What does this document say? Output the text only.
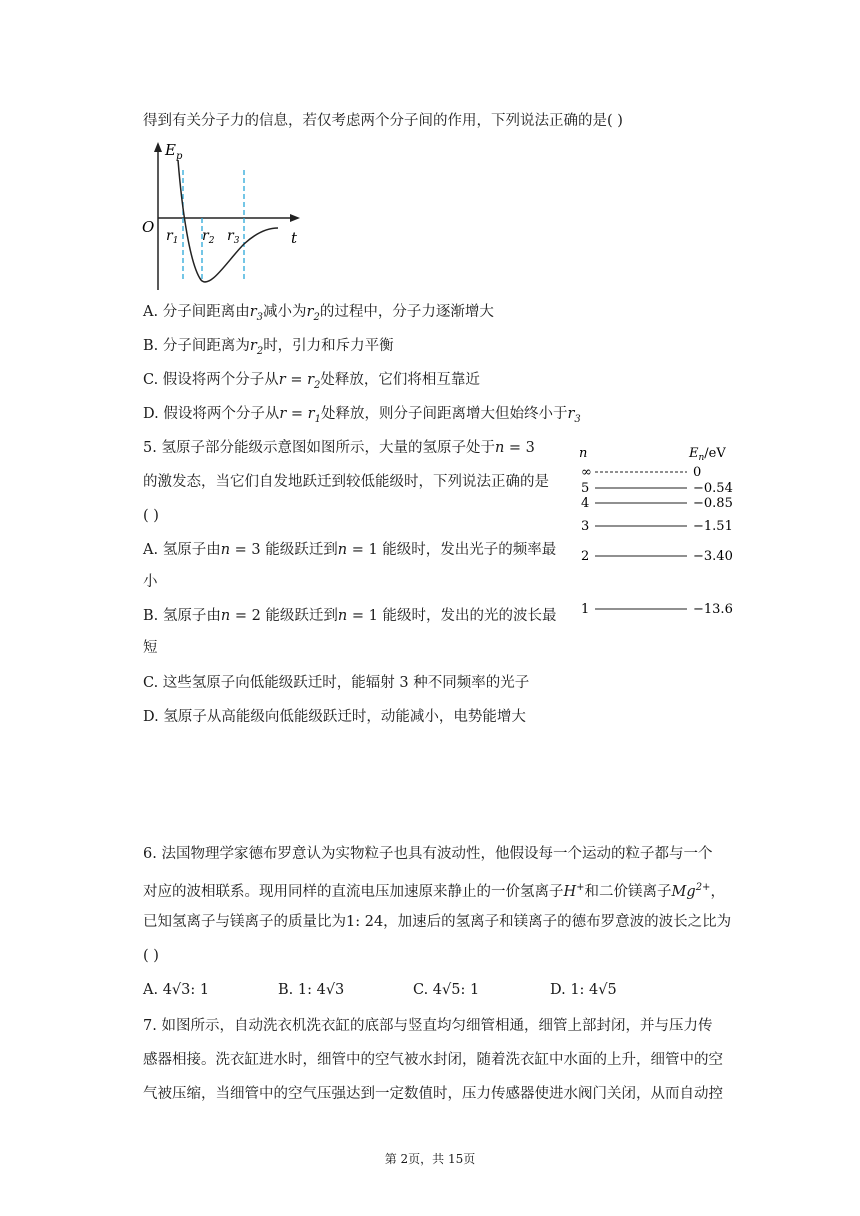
得到有关分子力的信息，若仅考虑两个分子间的作用，下列说法正确的是( )
$E_p$
O
t
$r_1$ $r_2$ $r_3$
A. 分子间距离由$r_3$减小为$r_2$的过程中，分子力逐渐增大
B. 分子间距离为$r_2$时，引力和斥力平衡
C. 假设将两个分子从$r = r_2$处释放，它们将相互靠近
D. 假设将两个分子从$r = r_1$处释放，则分子间距离增大但始终小于$r_3$
5. 氢原子部分能级示意图如图所示，大量的氢原子处于n = 3
的激发态，当它们自发地跃迁到较低能级时，下列说法正确的是
( )
A. 氢原子由n = 3 能级跃迁到n = 1 能级时，发出光子的频率最
小
B. 氢原子由n = 2 能级跃迁到n = 1 能级时，发出的光的波长最
短
C. 这些氢原子向低能级跃迁时，能辐射 3 种不同频率的光子
D. 氢原子从高能级向低能级跃迁时，动能减小，电势能增大
n	$E_n/eV$
∞	0
5	−0.54
4	−0.85
3	−1.51
2	−3.40
1	−13.6
6. 法国物理学家德布罗意认为实物粒子也具有波动性，他假设每一个运动的粒子都与一个
对应的波相联系。现用同样的直流电压加速原来静止的一价氢离子H+和二价镁离子$Mg^{2+}$，
已知氢离子与镁离子的质量比为1: 24，加速后的氢离子和镁离子的德布罗意波的波长之比为
( )
A. 4√3: 1	B. 1: 4√3	C. 4√5: 1	D. 1: 4√5
7. 如图所示，自动洗衣机洗衣缸的底部与竖直均匀细管相通，细管上部封闭，并与压力传
感器相接。洗衣缸进水时，细管中的空气被水封闭，随着洗衣缸中水面的上升，细管中的空
气被压缩，当细管中的空气压强达到一定数值时，压力传感器使进水阀门关闭，从而自动控
第 2页，共 15页
